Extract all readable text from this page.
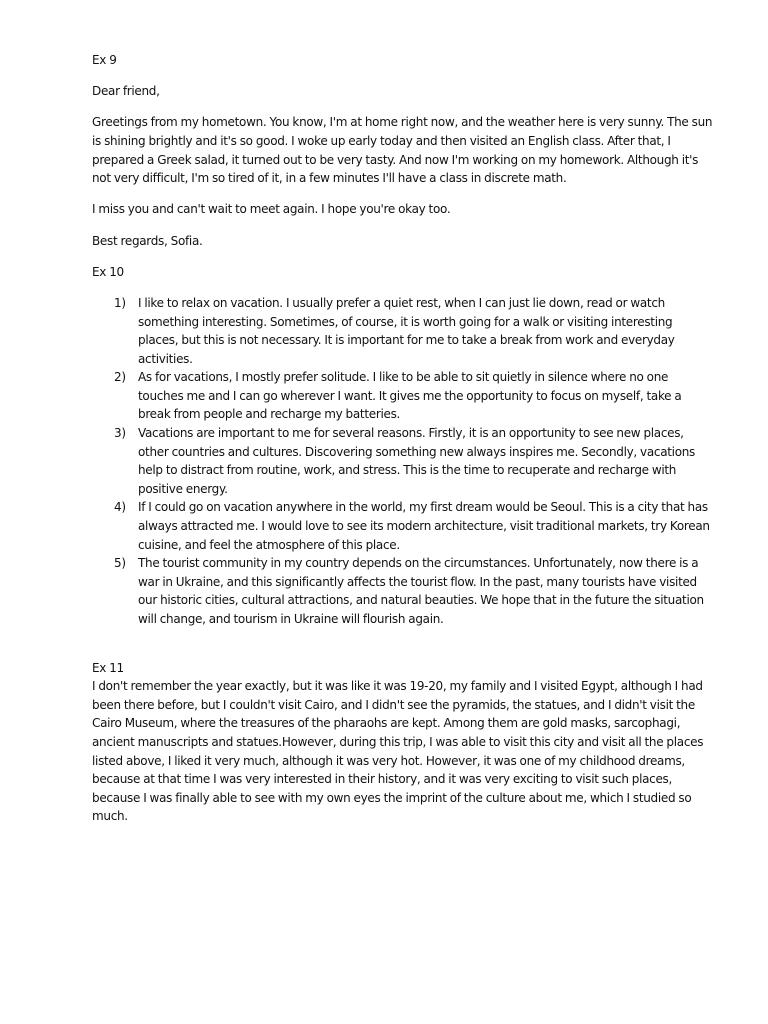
Ex 9

Dear friend,

Greetings from my hometown. You know, I'm at home right now, and the weather here is very sunny. The sun is shining brightly and it's so good. I woke up early today and then visited an English class. After that, I prepared a Greek salad, it turned out to be very tasty. And now I'm working on my homework. Although it's not very difficult, I'm so tired of it, in a few minutes I'll have a class in discrete math.

I miss you and can't wait to meet again. I hope you're okay too.

Best regards, Sofia.

Ex 10

1) I like to relax on vacation. I usually prefer a quiet rest, when I can just lie down, read or watch something interesting. Sometimes, of course, it is worth going for a walk or visiting interesting places, but this is not necessary. It is important for me to take a break from work and everyday activities.
2) As for vacations, I mostly prefer solitude. I like to be able to sit quietly in silence where no one touches me and I can go wherever I want. It gives me the opportunity to focus on myself, take a break from people and recharge my batteries.
3) Vacations are important to me for several reasons. Firstly, it is an opportunity to see new places, other countries and cultures. Discovering something new always inspires me. Secondly, vacations help to distract from routine, work, and stress. This is the time to recuperate and recharge with positive energy.
4) If I could go on vacation anywhere in the world, my first dream would be Seoul. This is a city that has always attracted me. I would love to see its modern architecture, visit traditional markets, try Korean cuisine, and feel the atmosphere of this place.
5) The tourist community in my country depends on the circumstances. Unfortunately, now there is a war in Ukraine, and this significantly affects the tourist flow. In the past, many tourists have visited our historic cities, cultural attractions, and natural beauties. We hope that in the future the situation will change, and tourism in Ukraine will flourish again.

Ex 11

I don't remember the year exactly, but it was like it was 19-20, my family and I visited Egypt, although I had been there before, but I couldn't visit Cairo, and I didn't see the pyramids, the statues, and I didn't visit the Cairo Museum, where the treasures of the pharaohs are kept. Among them are gold masks, sarcophagi, ancient manuscripts and statues.However, during this trip, I was able to visit this city and visit all the places listed above, I liked it very much, although it was very hot. However, it was one of my childhood dreams, because at that time I was very interested in their history, and it was very exciting to visit such places, because I was finally able to see with my own eyes the imprint of the culture about me, which I studied so much.
